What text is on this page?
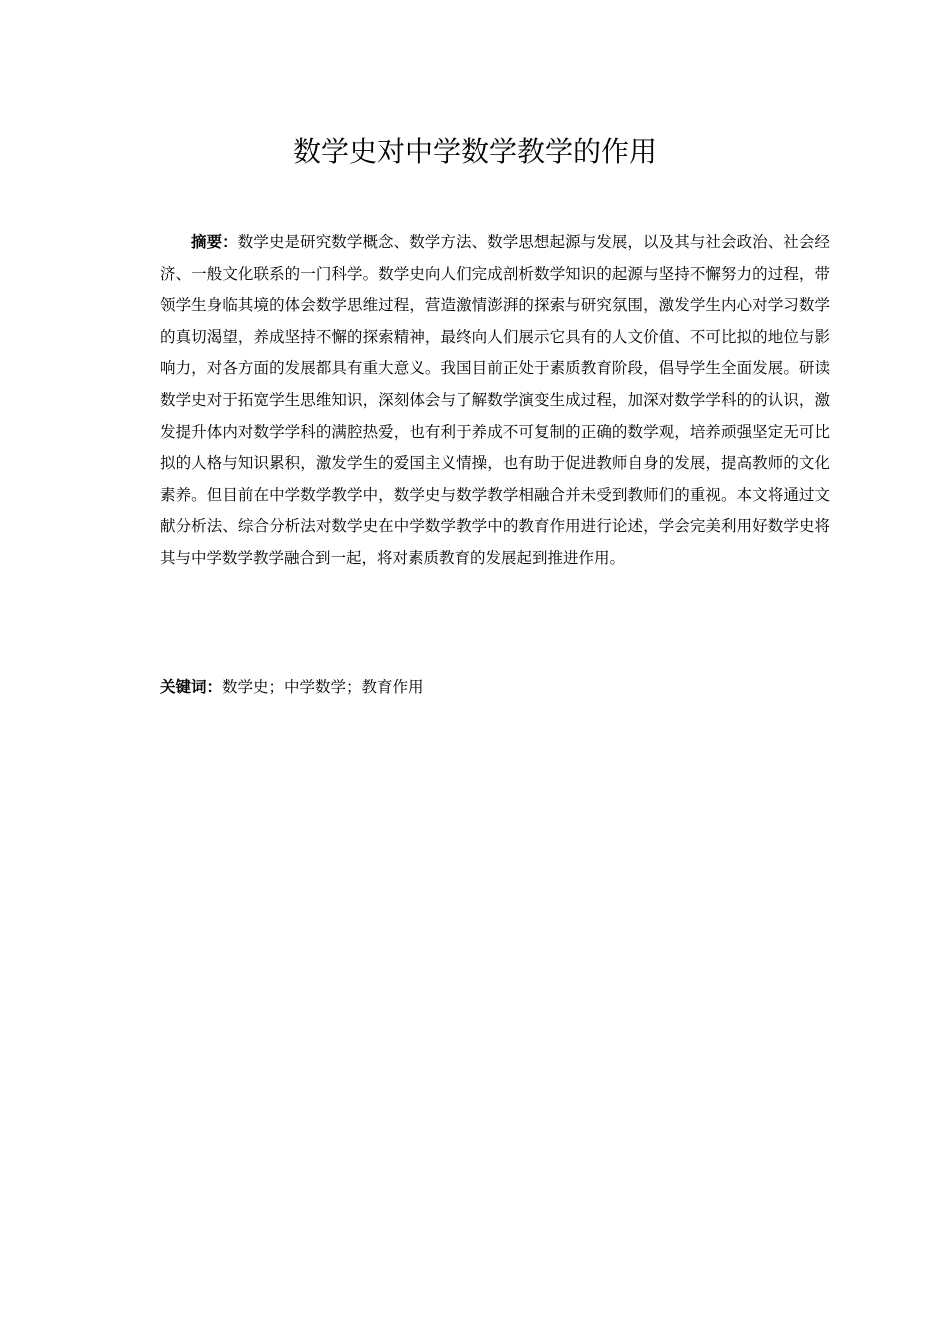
数学史对中学数学教学的作用

摘要：数学史是研究数学概念、数学方法、数学思想起源与发展，以及其与社会政治、社会经济、一般文化联系的一门科学。数学史向人们完成剖析数学知识的起源与坚持不懈努力的过程，带领学生身临其境的体会数学思维过程，营造激情澎湃的探索与研究氛围，激发学生内心对学习数学的真切渴望，养成坚持不懈的探索精神，最终向人们展示它具有的人文价值、不可比拟的地位与影响力，对各方面的发展都具有重大意义。我国目前正处于素质教育阶段，倡导学生全面发展。研读数学史对于拓宽学生思维知识，深刻体会与了解数学演变生成过程，加深对数学学科的的认识，激发提升体内对数学学科的满腔热爱，也有利于养成不可复制的正确的数学观，培养顽强坚定无可比拟的人格与知识累积，激发学生的爱国主义情操，也有助于促进教师自身的发展，提高教师的文化素养。但目前在中学数学教学中，数学史与数学教学相融合并未受到教师们的重视。本文将通过文献分析法、综合分析法对数学史在中学数学教学中的教育作用进行论述，学会完美利用好数学史将其与中学数学教学融合到一起，将对素质教育的发展起到推进作用。

关键词：数学史；中学数学；教育作用
